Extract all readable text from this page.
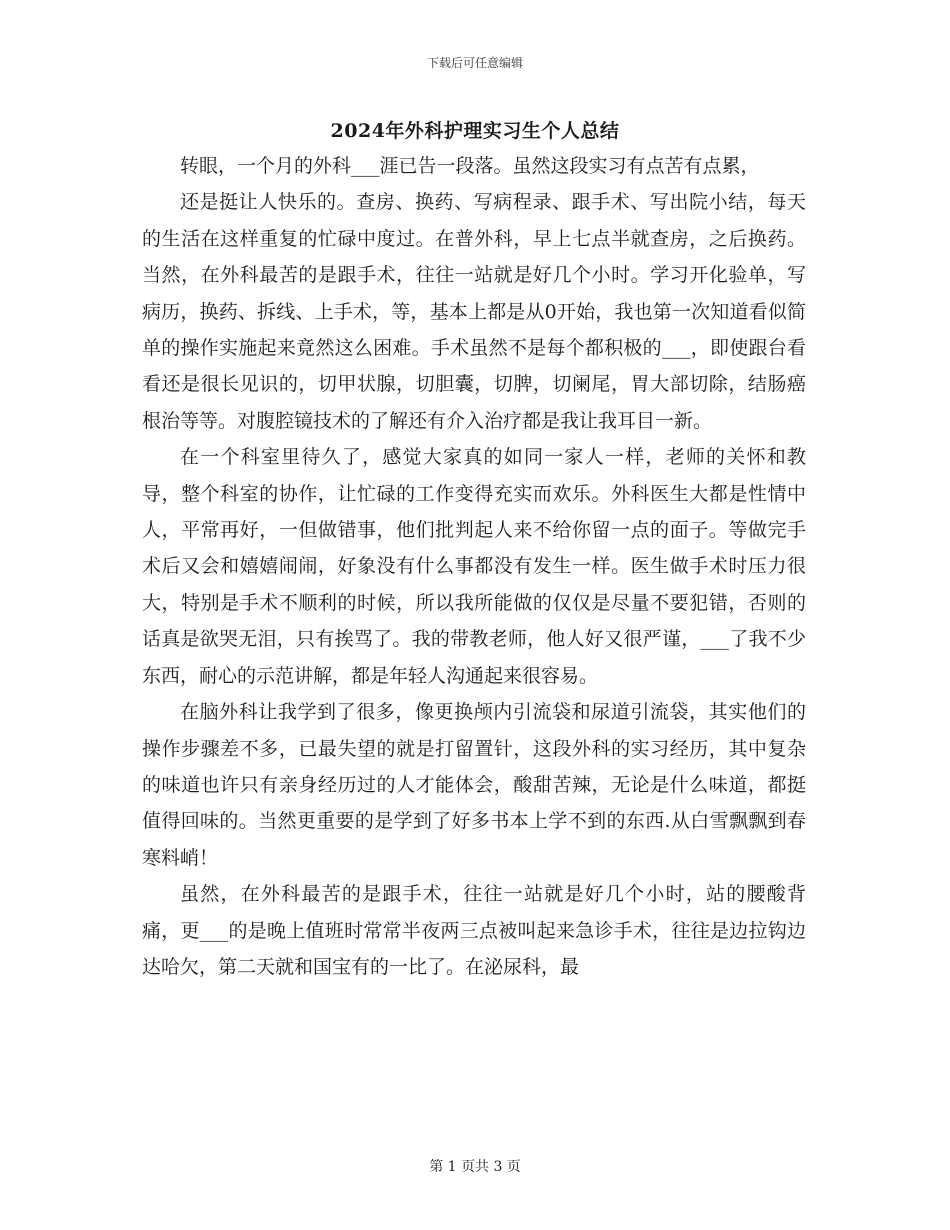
下载后可任意编辑
2024年外科护理实习生个人总结

转眼，一个月的外科___涯已告一段落。虽然这段实习有点苦有点累，

还是挺让人快乐的。查房、换药、写病程录、跟手术、写出院小结，每天的生活在这样重复的忙碌中度过。在普外科，早上七点半就查房，之后换药。当然，在外科最苦的是跟手术，往往一站就是好几个小时。学习开化验单，写病历，换药、拆线、上手术，等，基本上都是从0开始，我也第一次知道看似简单的操作实施起来竟然这么困难。手术虽然不是每个都积极的___，即使跟台看看还是很长见识的，切甲状腺，切胆囊，切脾，切阑尾，胃大部切除，结肠癌根治等等。对腹腔镜技术的了解还有介入治疗都是我让我耳目一新。

在一个科室里待久了，感觉大家真的如同一家人一样，老师的关怀和教导，整个科室的协作，让忙碌的工作变得充实而欢乐。外科医生大都是性情中人，平常再好，一但做错事，他们批判起人来不给你留一点的面子。等做完手术后又会和嬉嬉闹闹，好象没有什么事都没有发生一样。医生做手术时压力很大，特别是手术不顺利的时候，所以我所能做的仅仅是尽量不要犯错，否则的话真是欲哭无泪，只有挨骂了。我的带教老师，他人好又很严谨，___了我不少东西，耐心的示范讲解，都是年轻人沟通起来很容易。

在脑外科让我学到了很多，像更换颅内引流袋和尿道引流袋，其实他们的操作步骤差不多，已最失望的就是打留置针，这段外科的实习经历，其中复杂的味道也许只有亲身经历过的人才能体会，酸甜苦辣，无论是什么味道，都挺值得回味的。当然更重要的是学到了好多书本上学不到的东西.从白雪飘飘到春寒料峭！

虽然，在外科最苦的是跟手术，往往一站就是好几个小时，站的腰酸背痛，更___的是晚上值班时常常半夜两三点被叫起来急诊手术，往往是边拉钩边达哈欠，第二天就和国宝有的一比了。在泌尿科，最

第 1 页共 3 页
